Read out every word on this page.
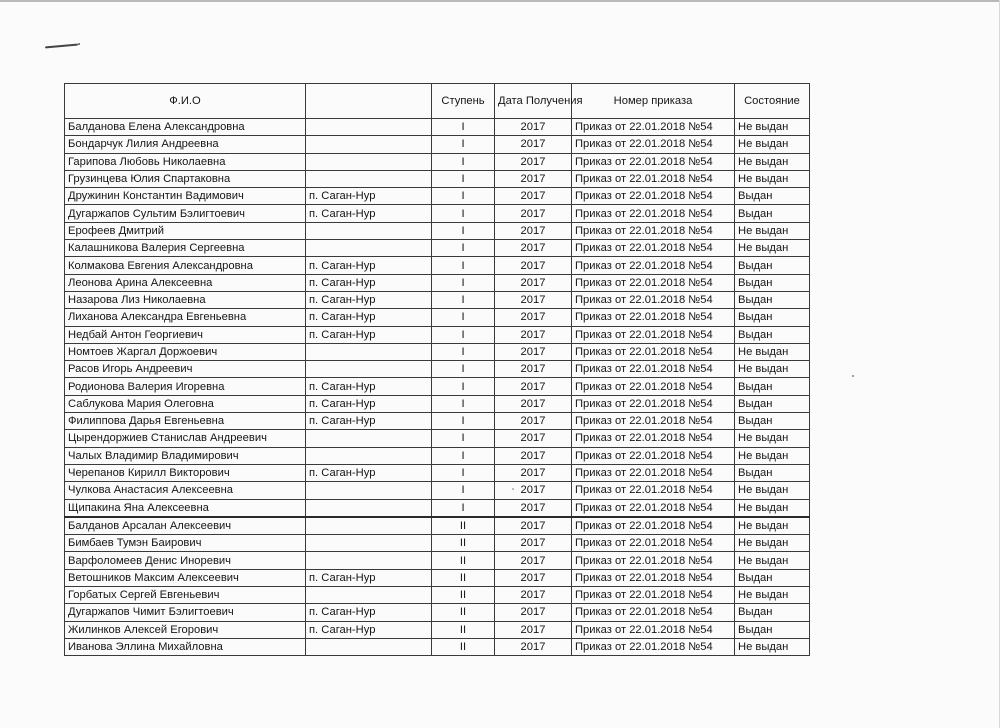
Ф.И.О		Ступень	Дата Получения	Номер приказа	Состояние
Балданова Елена Александровна		I	2017	Приказ от 22.01.2018 №54	Не выдан
Бондарчук Лилия Андреевна		I	2017	Приказ от 22.01.2018 №54	Не выдан
Гарипова Любовь Николаевна		I	2017	Приказ от 22.01.2018 №54	Не выдан
Грузинцева Юлия Спартаковна		I	2017	Приказ от 22.01.2018 №54	Не выдан
Дружинин Константин Вадимович	п. Саган-Нур	I	2017	Приказ от 22.01.2018 №54	Выдан
Дугаржапов Сультим Бэлигтоевич	п. Саган-Нур	I	2017	Приказ от 22.01.2018 №54	Выдан
Ерофеев Дмитрий		I	2017	Приказ от 22.01.2018 №54	Не выдан
Калашникова Валерия Сергеевна		I	2017	Приказ от 22.01.2018 №54	Не выдан
Колмакова Евгения Александровна	п. Саган-Нур	I	2017	Приказ от 22.01.2018 №54	Выдан
Леонова Арина Алексеевна	п. Саган-Нур	I	2017	Приказ от 22.01.2018 №54	Выдан
Назарова Лиз Николаевна	п. Саган-Нур	I	2017	Приказ от 22.01.2018 №54	Выдан
Лиханова Александра Евгеньевна	п. Саган-Нур	I	2017	Приказ от 22.01.2018 №54	Выдан
Недбай Антон Георгиевич	п. Саган-Нур	I	2017	Приказ от 22.01.2018 №54	Выдан
Номтоев Жаргал Доржоевич		I	2017	Приказ от 22.01.2018 №54	Не выдан
Расов Игорь Андреевич		I	2017	Приказ от 22.01.2018 №54	Не выдан
Родионова Валерия Игоревна	п. Саган-Нур	I	2017	Приказ от 22.01.2018 №54	Выдан
Саблукова Мария Олеговна	п. Саган-Нур	I	2017	Приказ от 22.01.2018 №54	Выдан
Филиппова Дарья Евгеньевна	п. Саган-Нур	I	2017	Приказ от 22.01.2018 №54	Выдан
Цырендоржиев Станислав Андреевич		I	2017	Приказ от 22.01.2018 №54	Не выдан
Чалых Владимир Владимирович		I	2017	Приказ от 22.01.2018 №54	Не выдан
Черепанов Кирилл Викторович	п. Саган-Нур	I	2017	Приказ от 22.01.2018 №54	Выдан
Чулкова Анастасия Алексеевна		I	2017	Приказ от 22.01.2018 №54	Не выдан
Щипакина Яна Алексеевна		I	2017	Приказ от 22.01.2018 №54	Не выдан
Балданов Арсалан Алексеевич		II	2017	Приказ от 22.01.2018 №54	Не выдан
Бимбаев Тумэн Баирович		II	2017	Приказ от 22.01.2018 №54	Не выдан
Варфоломеев Денис Иноревич		II	2017	Приказ от 22.01.2018 №54	Не выдан
Ветошников Максим Алексеевич	п. Саган-Нур	II	2017	Приказ от 22.01.2018 №54	Выдан
Горбатых Сергей Евгеньевич		II	2017	Приказ от 22.01.2018 №54	Не выдан
Дугаржапов Чимит Бэлигтоевич	п. Саган-Нур	II	2017	Приказ от 22.01.2018 №54	Выдан
Жилинков Алексей Егорович	п. Саган-Нур	II	2017	Приказ от 22.01.2018 №54	Выдан
Иванова Эллина Михайловна		II	2017	Приказ от 22.01.2018 №54	Не выдан
